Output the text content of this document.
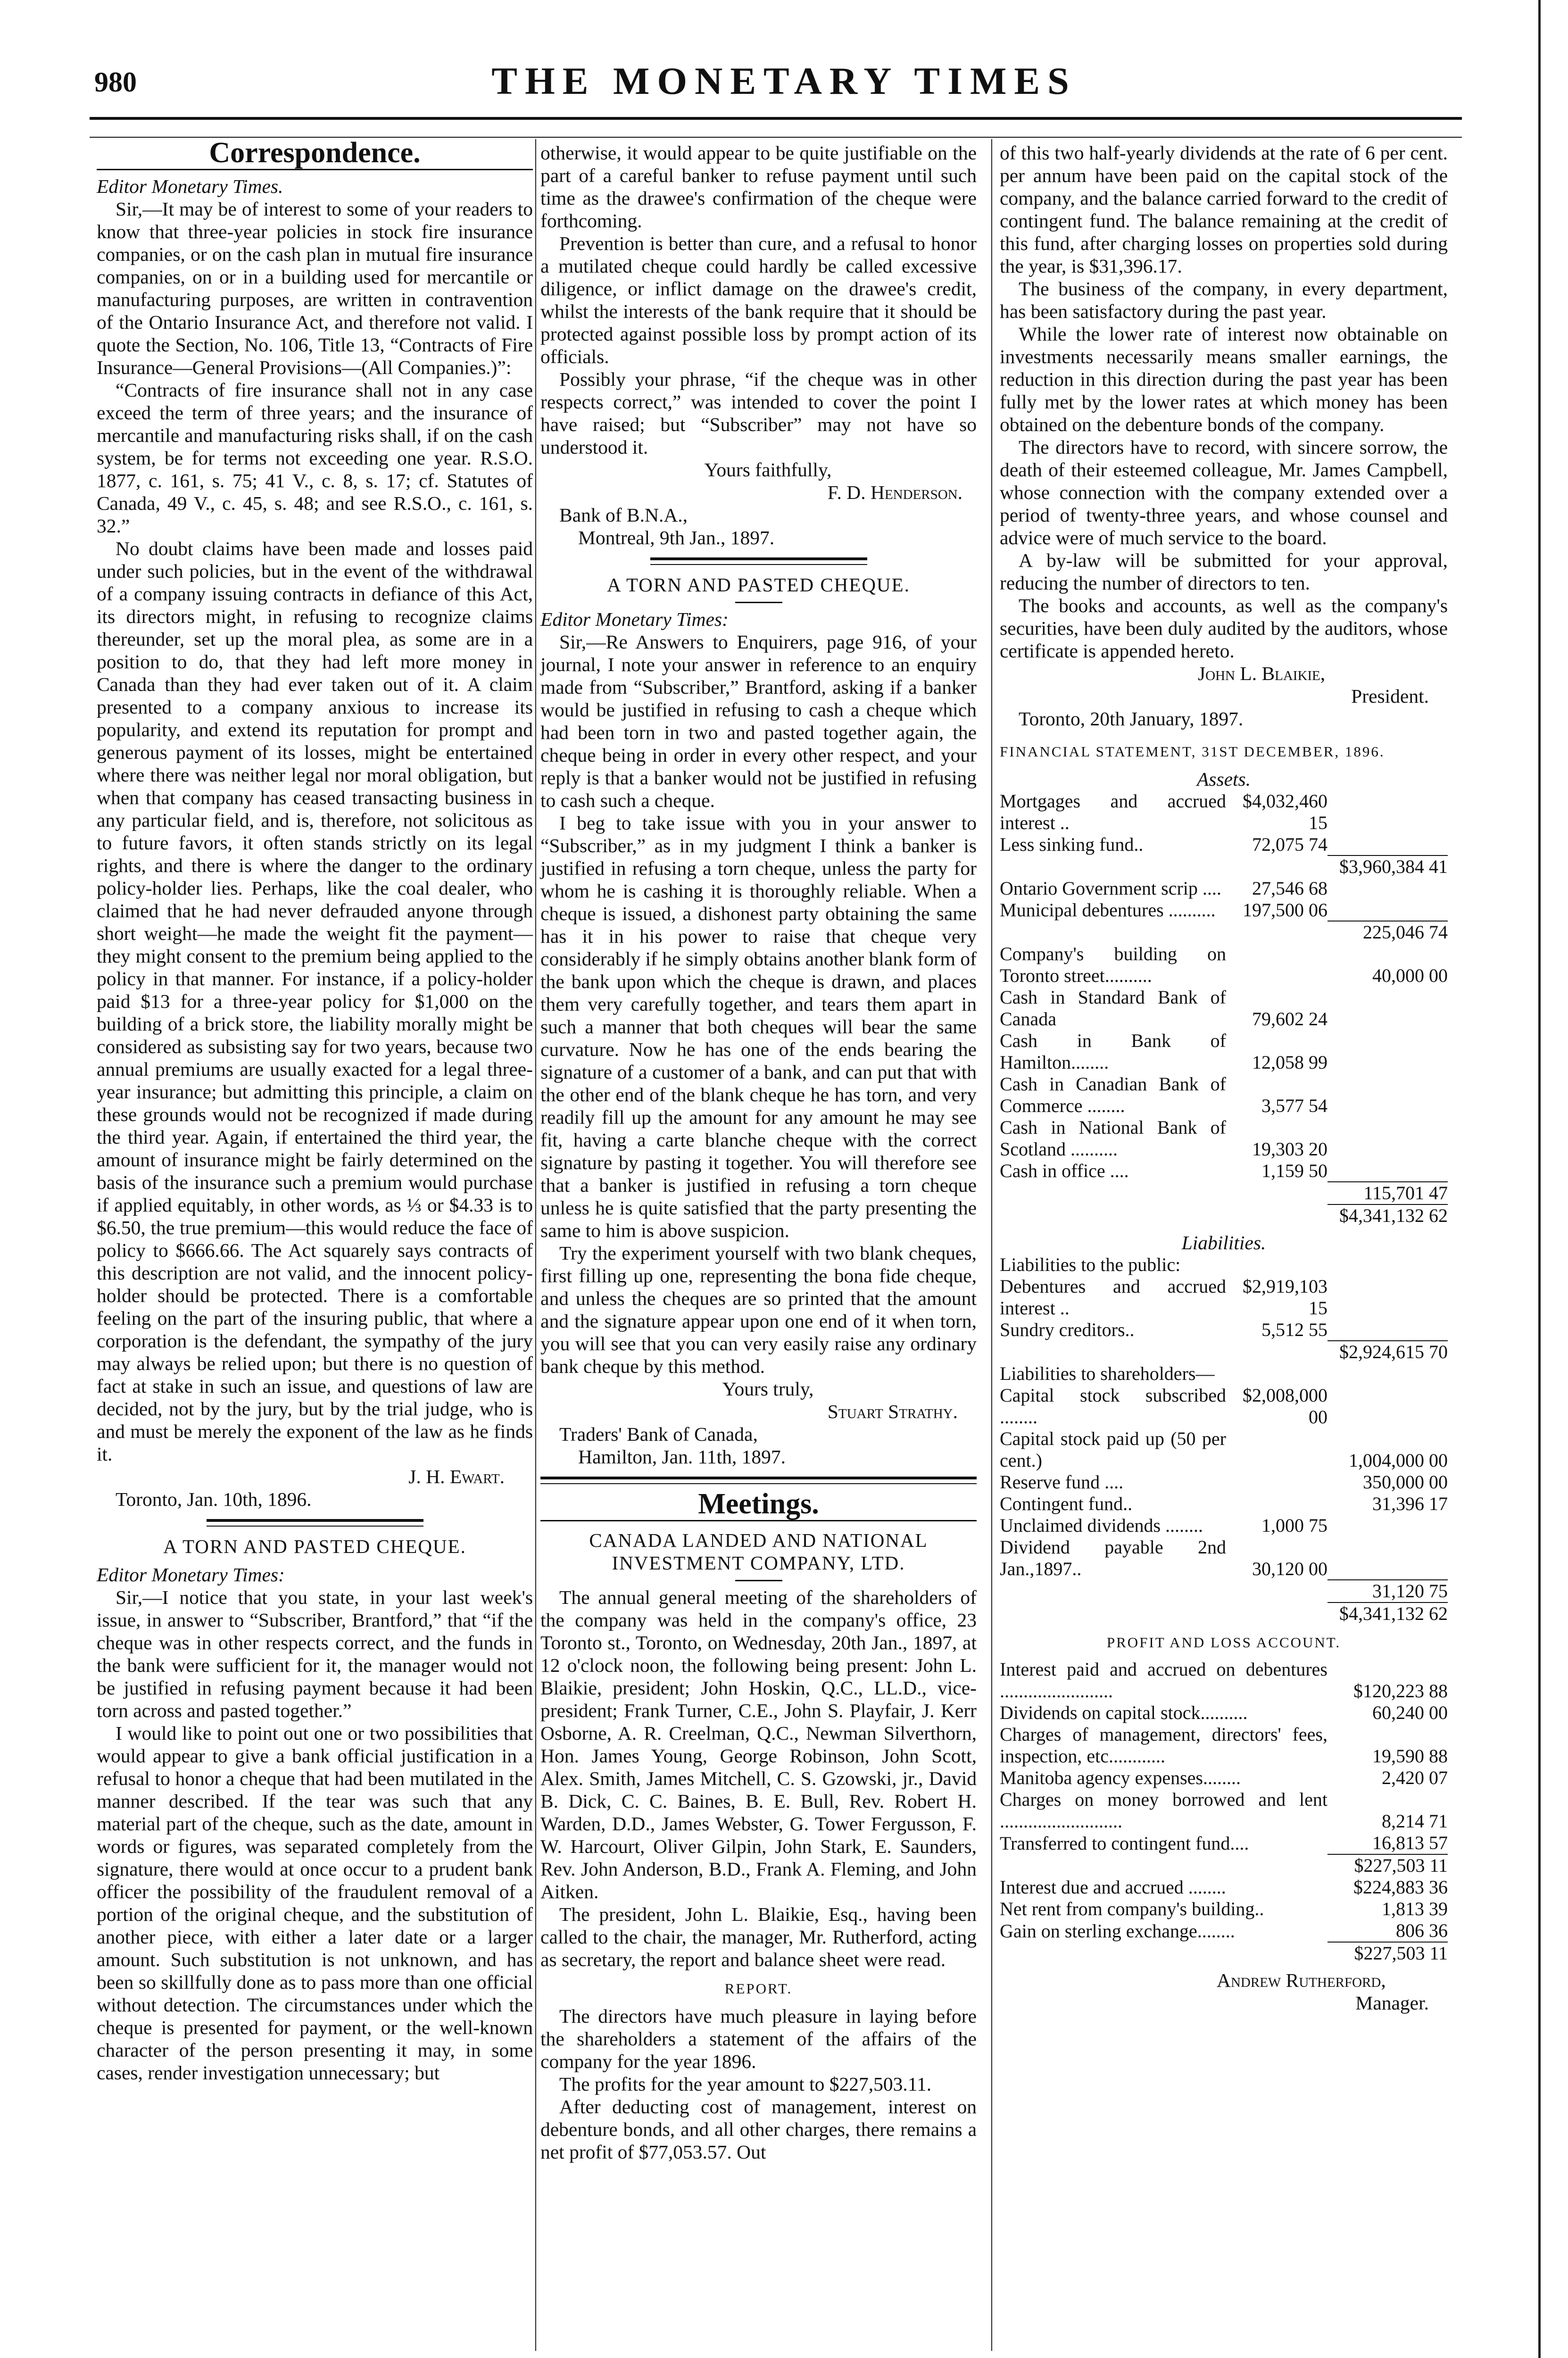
980	THE MONETARY TIMES
Correspondence.

Editor Monetary Times.

Sir,—It may be of interest to some of your readers to know that three-year policies in stock fire insurance companies, or on the cash plan in mutual fire insurance companies, on or in a building used for mercantile or manufacturing purposes, are written in contravention of the Ontario Insurance Act, and therefore not valid. I quote the Section, No. 106, Title 13, “Contracts of Fire Insurance—General Provisions—(All Companies.)”:

“Contracts of fire insurance shall not in any case exceed the term of three years; and the insurance of mercantile and manufacturing risks shall, if on the cash system, be for terms not exceeding one year. R.S.O. 1877, c. 161, s. 75; 41 V., c. 8, s. 17; cf. Statutes of Canada, 49 V., c. 45, s. 48; and see R.S.O., c. 161, s. 32.”

No doubt claims have been made and losses paid under such policies, but in the event of the withdrawal of a company issuing contracts in defiance of this Act, its directors might, in refusing to recognize claims thereunder, set up the moral plea, as some are in a position to do, that they had left more money in Canada than they had ever taken out of it. A claim presented to a company anxious to increase its popularity, and extend its reputation for prompt and generous payment of its losses, might be entertained where there was neither legal nor moral obligation, but when that company has ceased transacting business in any particular field, and is, therefore, not solicitous as to future favors, it often stands strictly on its legal rights, and there is where the danger to the ordinary policy-holder lies. Perhaps, like the coal dealer, who claimed that he had never defrauded anyone through short weight—he made the weight fit the payment—they might consent to the premium being applied to the policy in that manner. For instance, if a policy-holder paid $13 for a three-year policy for $1,000 on the building of a brick store, the liability morally might be considered as subsisting say for two years, because two annual premiums are usually exacted for a legal three-year insurance; but admitting this principle, a claim on these grounds would not be recognized if made during the third year. Again, if entertained the third year, the amount of insurance might be fairly determined on the basis of the insurance such a premium would purchase if applied equitably, in other words, as ⅓ or $4.33 is to $6.50, the true premium—this would reduce the face of policy to $666.66. The Act squarely says contracts of this description are not valid, and the innocent policy-holder should be protected. There is a comfortable feeling on the part of the insuring public, that where a corporation is the defendant, the sympathy of the jury may always be relied upon; but there is no question of fact at stake in such an issue, and questions of law are decided, not by the jury, but by the trial judge, who is and must be merely the exponent of the law as he finds it.

J. H. Ewart.

Toronto, Jan. 10th, 1896.

A TORN AND PASTED CHEQUE.

Editor Monetary Times:

Sir,—I notice that you state, in your last week's issue, in answer to “Subscriber, Brantford,” that “if the cheque was in other respects correct, and the funds in the bank were sufficient for it, the manager would not be justified in refusing payment because it had been torn across and pasted together.”

I would like to point out one or two possibilities that would appear to give a bank official justification in a refusal to honor a cheque that had been mutilated in the manner described. If the tear was such that any material part of the cheque, such as the date, amount in words or figures, was separated completely from the signature, there would at once occur to a prudent bank officer the possibility of the fraudulent removal of a portion of the original cheque, and the substitution of another piece, with either a later date or a larger amount. Such substitution is not unknown, and has been so skillfully done as to pass more than one official without detection. The circumstances under which the cheque is presented for payment, or the well-known character of the person presenting it may, in some cases, render investigation unnecessary; but

otherwise, it would appear to be quite justifiable on the part of a careful banker to refuse payment until such time as the drawee's confirmation of the cheque were forthcoming.

Prevention is better than cure, and a refusal to honor a mutilated cheque could hardly be called excessive diligence, or inflict damage on the drawee's credit, whilst the interests of the bank require that it should be protected against possible loss by prompt action of its officials.

Possibly your phrase, “if the cheque was in other respects correct,” was intended to cover the point I have raised; but “Subscriber” may not have so understood it.

Yours faithfully,

F. D. Henderson.

Bank of B.N.A.,

Montreal, 9th Jan., 1897.

A TORN AND PASTED CHEQUE.

Editor Monetary Times:

Sir,—Re Answers to Enquirers, page 916, of your journal, I note your answer in reference to an enquiry made from “Subscriber,” Brantford, asking if a banker would be justified in refusing to cash a cheque which had been torn in two and pasted together again, the cheque being in order in every other respect, and your reply is that a banker would not be justified in refusing to cash such a cheque.

I beg to take issue with you in your answer to “Subscriber,” as in my judgment I think a banker is justified in refusing a torn cheque, unless the party for whom he is cashing it is thoroughly reliable. When a cheque is issued, a dishonest party obtaining the same has it in his power to raise that cheque very considerably if he simply obtains another blank form of the bank upon which the cheque is drawn, and places them very carefully together, and tears them apart in such a manner that both cheques will bear the same curvature. Now he has one of the ends bearing the signature of a customer of a bank, and can put that with the other end of the blank cheque he has torn, and very readily fill up the amount for any amount he may see fit, having a carte blanche cheque with the correct signature by pasting it together. You will therefore see that a banker is justified in refusing a torn cheque unless he is quite satisfied that the party presenting the same to him is above suspicion.

Try the experiment yourself with two blank cheques, first filling up one, representing the bona fide cheque, and unless the cheques are so printed that the amount and the signature appear upon one end of it when torn, you will see that you can very easily raise any ordinary bank cheque by this method.

Yours truly,

Stuart Strathy.

Traders' Bank of Canada,

Hamilton, Jan. 11th, 1897.

Meetings.
CANADA LANDED AND NATIONAL INVESTMENT COMPANY, LTD.

The annual general meeting of the shareholders of the company was held in the company's office, 23 Toronto st., Toronto, on Wednesday, 20th Jan., 1897, at 12 o'clock noon, the following being present: John L. Blaikie, president; John Hoskin, Q.C., LL.D., vice-president; Frank Turner, C.E., John S. Playfair, J. Kerr Osborne, A. R. Creelman, Q.C., Newman Silverthorn, Hon. James Young, George Robinson, John Scott, Alex. Smith, James Mitchell, C. S. Gzowski, jr., David B. Dick, C. C. Baines, B. E. Bull, Rev. Robert H. Warden, D.D., James Webster, G. Tower Fergusson, F. W. Harcourt, Oliver Gilpin, John Stark, E. Saunders, Rev. John Anderson, B.D., Frank A. Fleming, and John Aitken.

The president, John L. Blaikie, Esq., having been called to the chair, the manager, Mr. Rutherford, acting as secretary, the report and balance sheet were read.

REPORT.

The directors have much pleasure in laying before the shareholders a statement of the affairs of the company for the year 1896.

The profits for the year amount to $227,503.11.

After deducting cost of management, interest on debenture bonds, and all other charges, there remains a net profit of $77,053.57. Out

of this two half-yearly dividends at the rate of 6 per cent. per annum have been paid on the capital stock of the company, and the balance carried forward to the credit of contingent fund. The balance remaining at the credit of this fund, after charging losses on properties sold during the year, is $31,396.17.

The business of the company, in every department, has been satisfactory during the past year.

While the lower rate of interest now obtainable on investments necessarily means smaller earnings, the reduction in this direction during the past year has been fully met by the lower rates at which money has been obtained on the debenture bonds of the company.

The directors have to record, with sincere sorrow, the death of their esteemed colleague, Mr. James Campbell, whose connection with the company extended over a period of twenty-three years, and whose counsel and advice were of much service to the board.

A by-law will be submitted for your approval, reducing the number of directors to ten.

The books and accounts, as well as the company's securities, have been duly audited by the auditors, whose certificate is appended hereto.

John L. Blaikie,

President.

Toronto, 20th January, 1897.

FINANCIAL STATEMENT, 31ST DECEMBER, 1896.
Assets.
Mortgages and accrued interest ..	$4,032,460 15	
Less sinking fund..	72,075 74	
		$3,960,384 41
Ontario Government scrip ....	27,546 68	
Municipal debentures ..........	197,500 06	
		225,046 74
Company's building on Toronto street..........		40,000 00
Cash in Standard Bank of Canada	79,602 24	
Cash in Bank of Hamilton........	12,058 99	
Cash in Canadian Bank of Commerce ........	3,577 54	
Cash in National Bank of Scotland ..........	19,303 20	
Cash in office ....	1,159 50	
		115,701 47
		$4,341,132 62
Liabilities.
Liabilities to the public:		
Debentures and accrued interest ..	$2,919,103 15	
Sundry creditors..	5,512 55	
		$2,924,615 70
Liabilities to shareholders—		
Capital stock subscribed ........	$2,008,000 00	
Capital stock paid up (50 per cent.)		1,004,000 00
Reserve fund ....		350,000 00
Contingent fund..		31,396 17
Unclaimed dividends ........	1,000 75	
Dividend payable 2nd Jan.,1897..	30,120 00	
		31,120 75
		$4,341,132 62
PROFIT AND LOSS ACCOUNT.
Interest paid and accrued on debentures ........................	$120,223 88
Dividends on capital stock..........	60,240 00
Charges of management, directors' fees, inspection, etc............	19,590 88
Manitoba agency expenses........	2,420 07
Charges on money borrowed and lent ..........................	8,214 71
Transferred to contingent fund....	16,813 57
	$227,503 11
Interest due and accrued ........	$224,883 36
Net rent from company's building..	1,813 39
Gain on sterling exchange........	806 36
	$227,503 11

Andrew Rutherford,

Manager.
